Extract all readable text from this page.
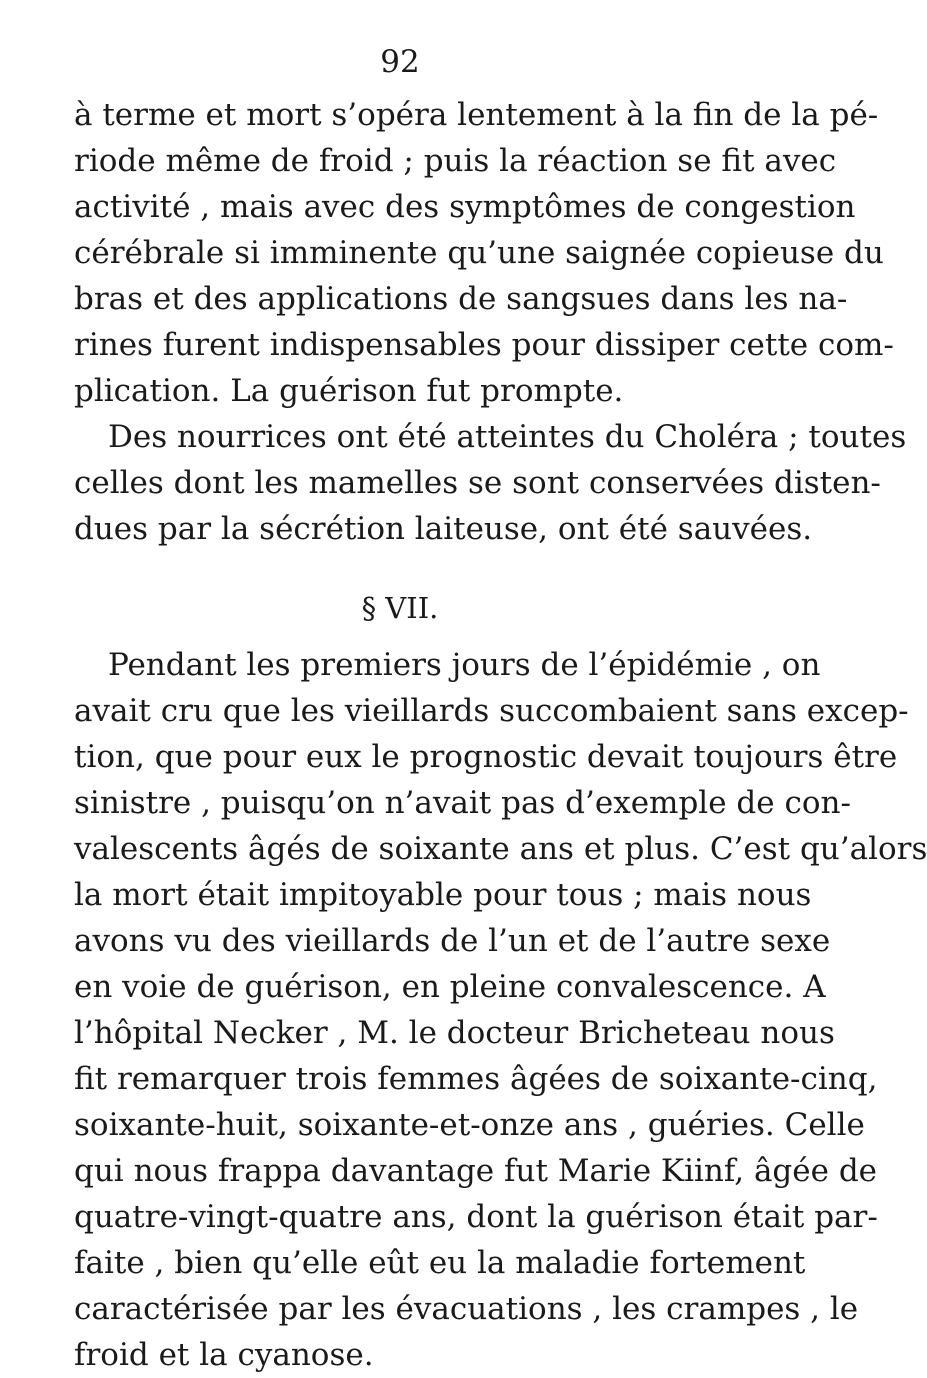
92
à terme et mort s’opéra lentement à la fin de la pé-
riode même de froid ; puis la réaction se fit avec
activité , mais avec des symptômes de congestion
cérébrale si imminente qu’une saignée copieuse du
bras et des applications de sangsues dans les na-
rines furent indispensables pour dissiper cette com-
plication. La guérison fut prompte.
Des nourrices ont été atteintes du Choléra ; toutes
celles dont les mamelles se sont conservées disten-
dues par la sécrétion laiteuse, ont été sauvées.
§ VII.
Pendant les premiers jours de l’épidémie , on
avait cru que les vieillards succombaient sans excep-
tion, que pour eux le prognostic devait toujours être
sinistre , puisqu’on n’avait pas d’exemple de con-
valescents âgés de soixante ans et plus. C’est qu’alors
la mort était impitoyable pour tous ; mais nous
avons vu des vieillards de l’un et de l’autre sexe
en voie de guérison, en pleine convalescence. A
l’hôpital Necker , M. le docteur Bricheteau nous
fit remarquer trois femmes âgées de soixante-cinq,
soixante-huit, soixante-et-onze ans , guéries. Celle
qui nous frappa davantage fut Marie Kiinf, âgée de
quatre-vingt-quatre ans, dont la guérison était par-
faite , bien qu’elle eût eu la maladie fortement
caractérisée par les évacuations , les crampes , le
froid et la cyanose.
